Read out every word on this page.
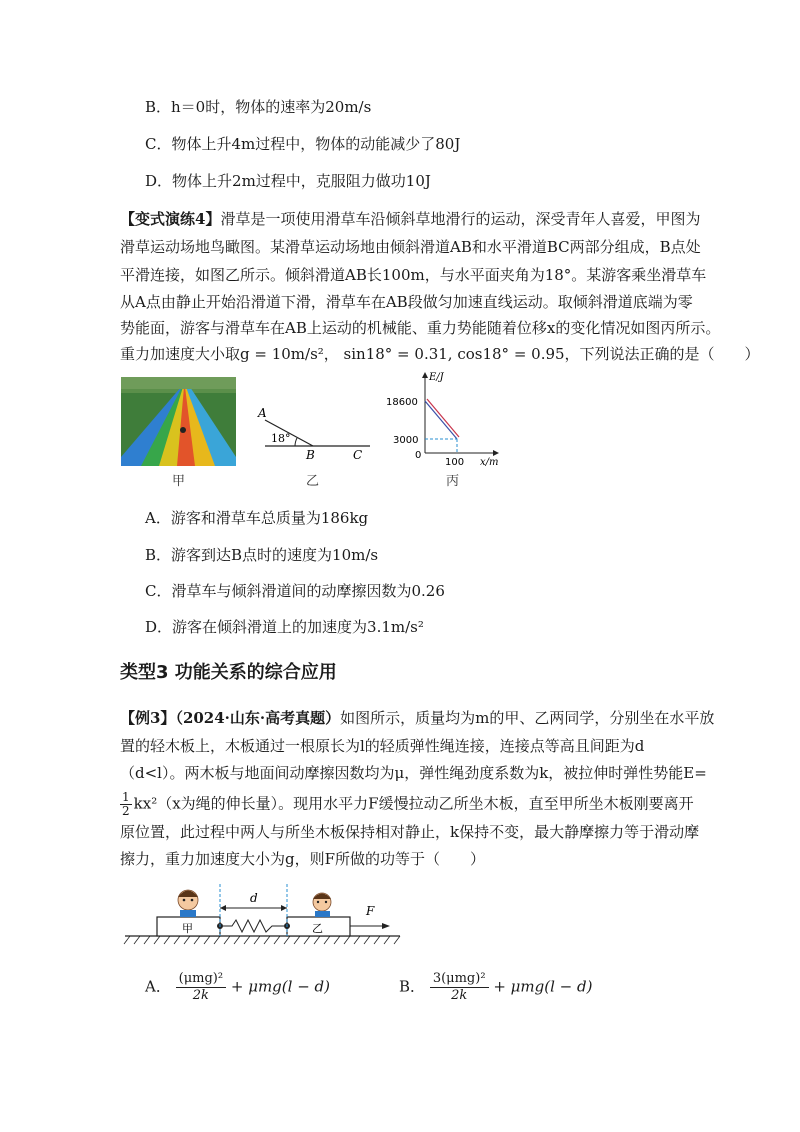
B．h＝0时，物体的速率为20m/s
C．物体上升4m过程中，物体的动能减少了80J
D．物体上升2m过程中，克服阻力做功10J
【变式演练4】滑草是一项使用滑草车沿倾斜草地滑行的运动，深受青年人喜爱，甲图为
滑草运动场地鸟瞰图。某滑草运动场地由倾斜滑道AB和水平滑道BC两部分组成，B点处
平滑连接，如图乙所示。倾斜滑道AB长100m，与水平面夹角为18°。某游客乘坐滑草车
从A点由静止开始沿滑道下滑，滑草车在AB段做匀加速直线运动。取倾斜滑道底端为零
势能面，游客与滑草车在AB上运动的机械能、重力势能随着位移x的变化情况如图丙所示。
重力加速度大小取g = 10m/s²， sin18° = 0.31, cos18° = 0.95，下列说法正确的是（　　）
甲
A
18°
B	C
乙
E/J
18600
3000
0
100 x/m
丙
A．游客和滑草车总质量为186kg
B．游客到达B点时的速度为10m/s
C．滑草车与倾斜滑道间的动摩擦因数为0.26
D．游客在倾斜滑道上的加速度为3.1m/s²
类型3 功能关系的综合应用
【例3】（2024·山东·高考真题）如图所示，质量均为m的甲、乙两同学，分别坐在水平放
置的轻木板上，木板通过一根原长为l的轻质弹性绳连接，连接点等高且间距为d
（d<l）。两木板与地面间动摩擦因数均为μ，弹性绳劲度系数为k，被拉伸时弹性势能E=
$\frac{1}{2} kx^2(x$为绳的伸长量）。现用水平力F缓慢拉动乙所坐木板，直至甲所坐木板刚要离开
原位置，此过程中两人与所坐木板保持相对静止，k保持不变，最大静摩擦力等于滑动摩
擦力，重力加速度大小为g，则F所做的功等于（　　）
甲	乙
d
F
A． (μmg)²
2k	+ μmg(l − d)	B． 3(μmg)²
2k	+ μmg(l − d)
